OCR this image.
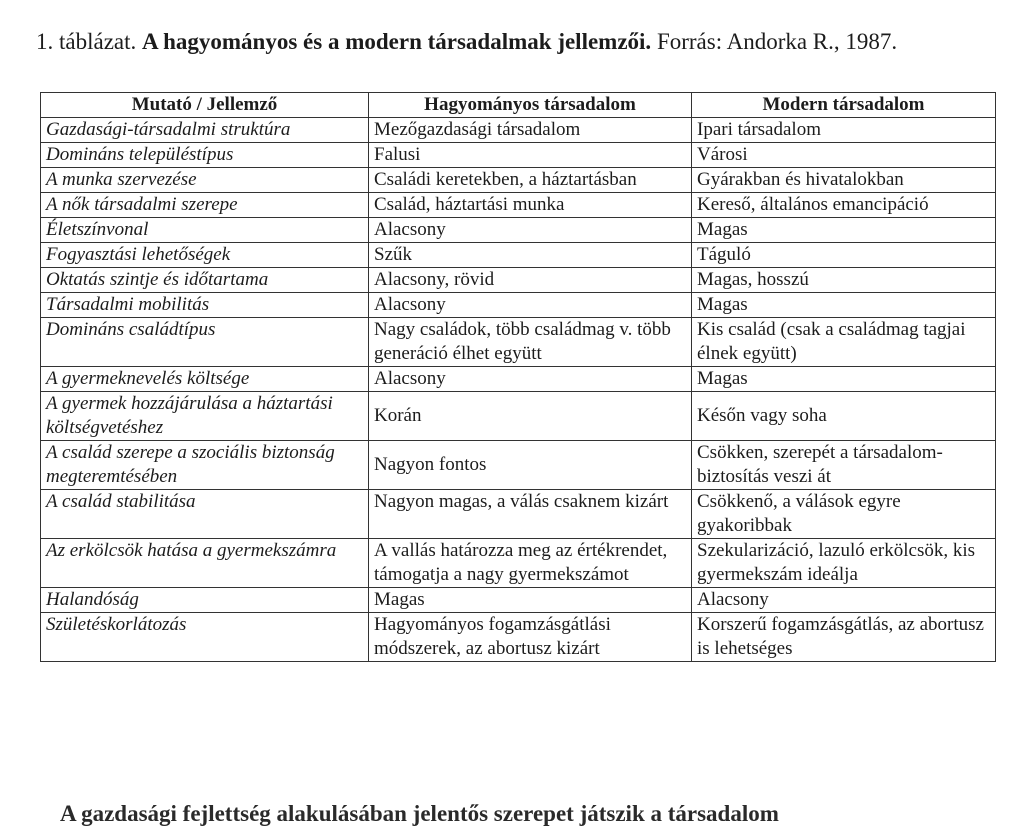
1. táblázat. A hagyományos és a modern társadalmak jellemzői. Forrás: Andorka R., 1987.
Mutató / Jellemző	Hagyományos társadalom	Modern társadalom
Gazdasági-társadalmi struktúra	Mezőgazdasági társadalom	Ipari társadalom
Domináns településtípus	Falusi	Városi
A munka szervezése	Családi keretekben, a háztartásban	Gyárakban és hivatalokban
A nők társadalmi szerepe	Család, háztartási munka	Kereső, általános emancipáció
Életszínvonal	Alacsony	Magas
Fogyasztási lehetőségek	Szűk	Táguló
Oktatás szintje és időtartama	Alacsony, rövid	Magas, hosszú
Társadalmi mobilitás	Alacsony	Magas
Domináns családtípus	Nagy családok, több családmag v. több generáció élhet együtt	Kis család (csak a családmag tagjai élnek együtt)
A gyermeknevelés költsége	Alacsony	Magas
A gyermek hozzájárulása a háztartási költségvetéshez	Korán	Későn vagy soha
A család szerepe a szociális biztonság megteremtésében	Nagyon fontos	Csökken, szerepét a társadalom-biztosítás veszi át
A család stabilitása	Nagyon magas, a válás csaknem kizárt	Csökkenő, a válások egyre gyakoribbak
Az erkölcsök hatása a gyermekszámra	A vallás határozza meg az értékrendet, támogatja a nagy gyermekszámot	Szekularizáció, lazuló erkölcsök, kis gyermekszám ideálja
Halandóság	Magas	Alacsony
Születéskorlátozás	Hagyományos fogamzásgátlási módszerek, az abortusz kizárt	Korszerű fogamzásgátlás, az abortusz is lehetséges
A gazdasági fejlettség alakulásában jelentős szerepet játszik a társadalom
